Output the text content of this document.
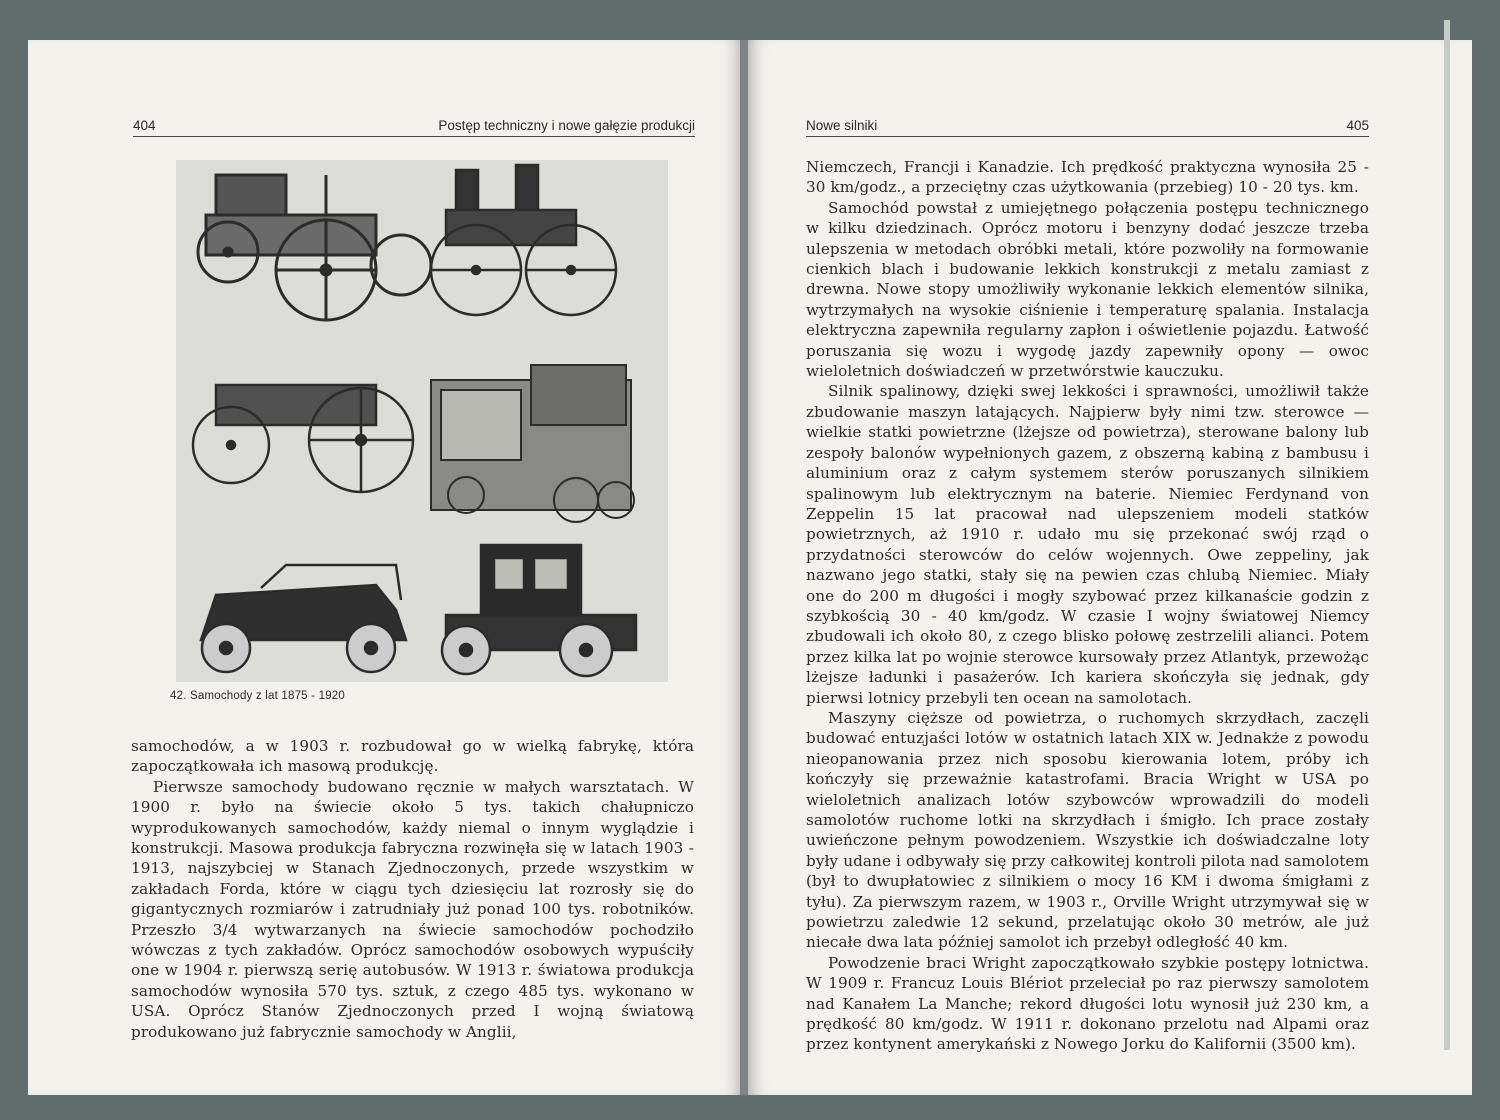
404	Postęp techniczny i nowe gałęzie produkcji
42. Samochody z lat 1875 - 1920

samochodów, a w 1903 r. rozbudował go w wielką fabrykę, która zapoczątkowała ich masową produkcję.

Pierwsze samochody budowano ręcznie w małych warsztatach. W 1900 r. było na świecie około 5 tys. takich chałupniczo wyprodukowanych samochodów, każdy niemal o innym wyglądzie i konstrukcji. Masowa produkcja fabryczna rozwinęła się w latach 1903 - 1913, najszybciej w Stanach Zjednoczonych, przede wszystkim w zakładach Forda, które w ciągu tych dziesięciu lat rozrosły się do gigantycznych rozmiarów i zatrudniały już ponad 100 tys. robotników. Przeszło 3/4 wytwarzanych na świecie samochodów pochodziło wówczas z tych zakładów. Oprócz samochodów osobowych wypuściły one w 1904 r. pierwszą serię autobusów. W 1913 r. światowa produkcja samochodów wynosiła 570 tys. sztuk, z czego 485 tys. wykonano w USA. Oprócz Stanów Zjednoczonych przed I wojną światową produkowano już fabrycznie samochody w Anglii,

Nowe silniki	405

Niemczech, Francji i Kanadzie. Ich prędkość praktyczna wynosiła 25 - 30 km/godz., a przeciętny czas użytkowania (przebieg) 10 - 20 tys. km.

Samochód powstał z umiejętnego połączenia postępu technicznego w kilku dziedzinach. Oprócz motoru i benzyny dodać jeszcze trzeba ulepszenia w metodach obróbki metali, które pozwoliły na formowanie cienkich blach i budowanie lekkich konstrukcji z metalu zamiast z drewna. Nowe stopy umożliwiły wykonanie lekkich elementów silnika, wytrzymałych na wysokie ciśnienie i temperaturę spalania. Instalacja elektryczna zapewniła regularny zapłon i oświetlenie pojazdu. Łatwość poruszania się wozu i wygodę jazdy zapewniły opony — owoc wieloletnich doświadczeń w przetwórstwie kauczuku.

Silnik spalinowy, dzięki swej lekkości i sprawności, umożliwił także zbudowanie maszyn latających. Najpierw były nimi tzw. sterowce — wielkie statki powietrzne (lżejsze od powietrza), sterowane balony lub zespoły balonów wypełnionych gazem, z obszerną kabiną z bambusu i aluminium oraz z całym systemem sterów poruszanych silnikiem spalinowym lub elektrycznym na baterie. Niemiec Ferdynand von Zeppelin 15 lat pracował nad ulepszeniem modeli statków powietrznych, aż 1910 r. udało mu się przekonać swój rząd o przydatności sterowców do celów wojennych. Owe zeppeliny, jak nazwano jego statki, stały się na pewien czas chlubą Niemiec. Miały one do 200 m długości i mogły szybować przez kilkanaście godzin z szybkością 30 - 40 km/godz. W czasie I wojny światowej Niemcy zbudowali ich około 80, z czego blisko połowę zestrzelili alianci. Potem przez kilka lat po wojnie sterowce kursowały przez Atlantyk, przewożąc lżejsze ładunki i pasażerów. Ich kariera skończyła się jednak, gdy pierwsi lotnicy przebyli ten ocean na samolotach.

Maszyny cięższe od powietrza, o ruchomych skrzydłach, zaczęli budować entuzjaści lotów w ostatnich latach XIX w. Jednakże z powodu nieopanowania przez nich sposobu kierowania lotem, próby ich kończyły się przeważnie katastrofami. Bracia Wright w USA po wieloletnich analizach lotów szybowców wprowadzili do modeli samolotów ruchome lotki na skrzydłach i śmigło. Ich prace zostały uwieńczone pełnym powodzeniem. Wszystkie ich doświadczalne loty były udane i odbywały się przy całkowitej kontroli pilota nad samolotem (był to dwupłatowiec z silnikiem o mocy 16 KM i dwoma śmigłami z tyłu). Za pierwszym razem, w 1903 r., Orville Wright utrzymywał się w powietrzu zaledwie 12 sekund, przelatując około 30 metrów, ale już niecałe dwa lata później samolot ich przebył odległość 40 km.

Powodzenie braci Wright zapoczątkowało szybkie postępy lotnictwa. W 1909 r. Francuz Louis Blériot przeleciał po raz pierwszy samolotem nad Kanałem La Manche; rekord długości lotu wynosił już 230 km, a prędkość 80 km/godz. W 1911 r. dokonano przelotu nad Alpami oraz przez kontynent amerykański z Nowego Jorku do Kalifornii (3500 km).
